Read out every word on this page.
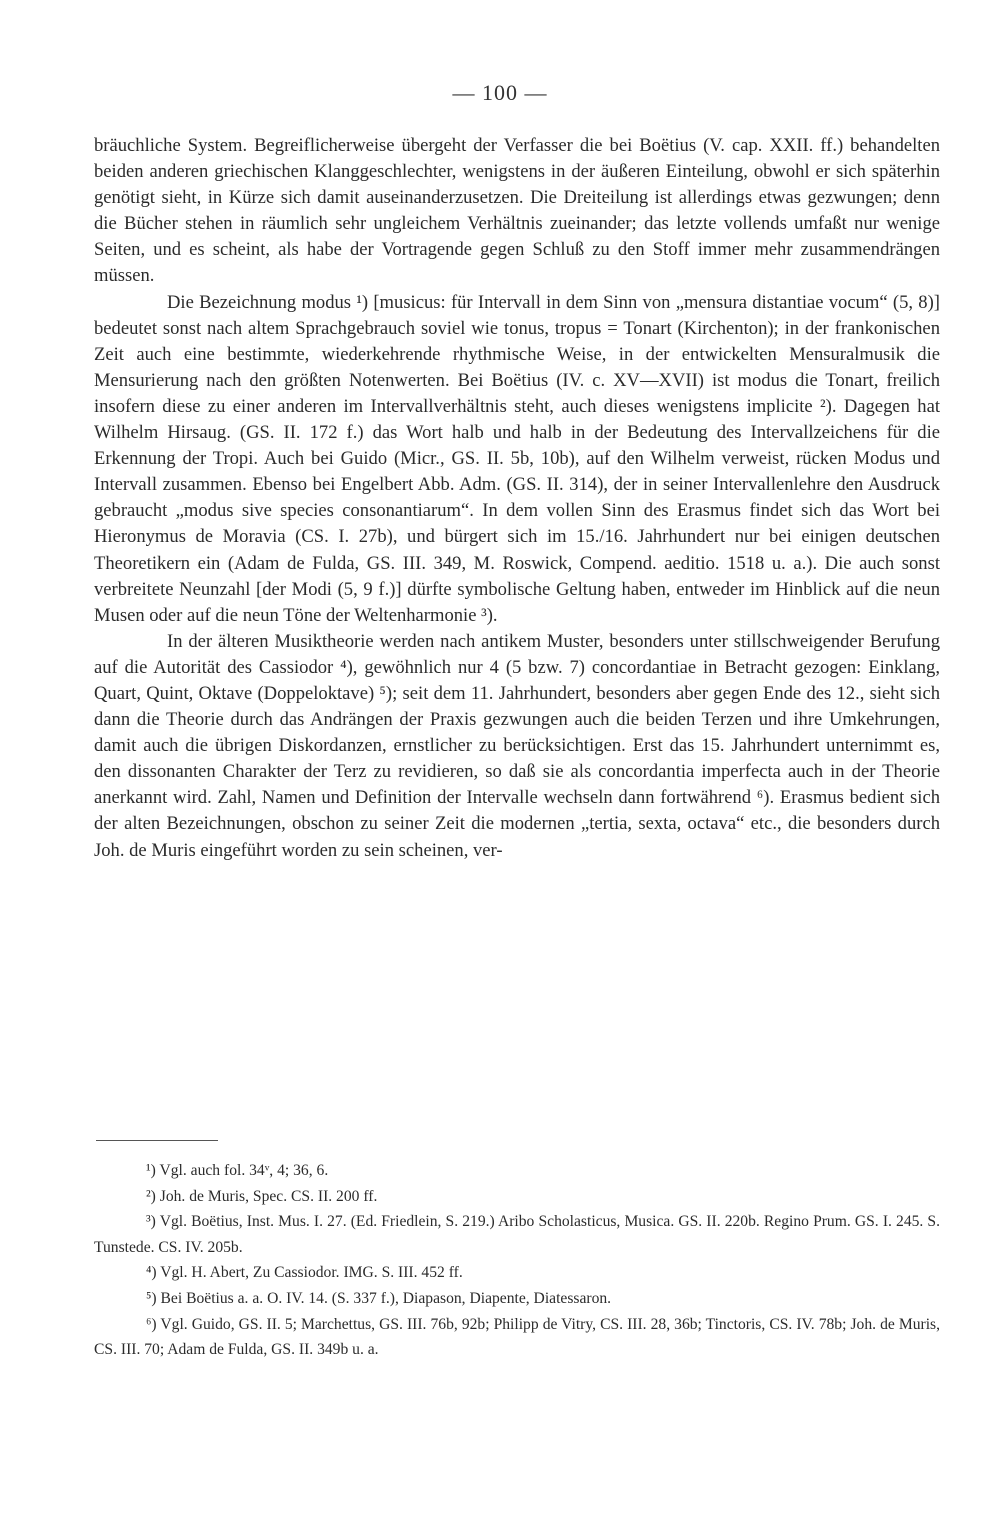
— 100 —

bräuchliche System. Begreiflicherweise übergeht der Verfasser die bei Boëtius (V. cap. XXII. ff.) behandelten beiden anderen griechischen Klanggeschlechter, wenigstens in der äußeren Einteilung, obwohl er sich späterhin genötigt sieht, in Kürze sich damit auseinanderzusetzen. Die Dreiteilung ist allerdings etwas gezwungen; denn die Bücher stehen in räumlich sehr ungleichem Verhältnis zueinander; das letzte vollends umfaßt nur wenige Seiten, und es scheint, als habe der Vortragende gegen Schluß zu den Stoff immer mehr zusammendrängen müssen.

Die Bezeichnung modus ¹) [musicus: für Intervall in dem Sinn von „mensura distantiae vocum“ (5, 8)] bedeutet sonst nach altem Sprachgebrauch soviel wie tonus, tropus = Tonart (Kirchenton); in der frankonischen Zeit auch eine bestimmte, wiederkehrende rhythmische Weise, in der entwickelten Mensuralmusik die Mensurierung nach den größten Notenwerten. Bei Boëtius (IV. c. XV—XVII) ist modus die Tonart, freilich insofern diese zu einer anderen im Intervallverhältnis steht, auch dieses wenigstens implicite ²). Dagegen hat Wilhelm Hirsaug. (GS. II. 172 f.) das Wort halb und halb in der Bedeutung des Intervallzeichens für die Erkennung der Tropi. Auch bei Guido (Micr., GS. II. 5b, 10b), auf den Wilhelm verweist, rücken Modus und Intervall zusammen. Ebenso bei Engelbert Abb. Adm. (GS. II. 314), der in seiner Intervallenlehre den Ausdruck gebraucht „modus sive species consonantiarum“. In dem vollen Sinn des Erasmus findet sich das Wort bei Hieronymus de Moravia (CS. I. 27b), und bürgert sich im 15./16. Jahrhundert nur bei einigen deutschen Theoretikern ein (Adam de Fulda, GS. III. 349, M. Roswick, Compend. aeditio. 1518 u. a.). Die auch sonst verbreitete Neunzahl [der Modi (5, 9 f.)] dürfte symbolische Geltung haben, entweder im Hinblick auf die neun Musen oder auf die neun Töne der Weltenharmonie ³).

In der älteren Musiktheorie werden nach antikem Muster, besonders unter stillschweigender Berufung auf die Autorität des Cassiodor ⁴), gewöhnlich nur 4 (5 bzw. 7) concordantiae in Betracht gezogen: Einklang, Quart, Quint, Oktave (Doppeloktave) ⁵); seit dem 11. Jahrhundert, besonders aber gegen Ende des 12., sieht sich dann die Theorie durch das Andrängen der Praxis gezwungen auch die beiden Terzen und ihre Umkehrungen, damit auch die übrigen Diskordanzen, ernstlicher zu berücksichtigen. Erst das 15. Jahrhundert unternimmt es, den dissonanten Charakter der Terz zu revidieren, so daß sie als concordantia imperfecta auch in der Theorie anerkannt wird. Zahl, Namen und Definition der Intervalle wechseln dann fortwährend ⁶). Erasmus bedient sich der alten Bezeichnungen, obschon zu seiner Zeit die modernen „tertia, sexta, octava“ etc., die besonders durch Joh. de Muris eingeführt worden zu sein scheinen, ver-

¹) Vgl. auch fol. 34ᵛ, 4; 36, 6.

²) Joh. de Muris, Spec. CS. II. 200 ff.

³) Vgl. Boëtius, Inst. Mus. I. 27. (Ed. Friedlein, S. 219.) Aribo Scholasticus, Musica. GS. II. 220b. Regino Prum. GS. I. 245. S. Tunstede. CS. IV. 205b.

⁴) Vgl. H. Abert, Zu Cassiodor. IMG. S. III. 452 ff.

⁵) Bei Boëtius a. a. O. IV. 14. (S. 337 f.), Diapason, Diapente, Diatessaron.

⁶) Vgl. Guido, GS. II. 5; Marchettus, GS. III. 76b, 92b; Philipp de Vitry, CS. III. 28, 36b; Tinctoris, CS. IV. 78b; Joh. de Muris, CS. III. 70; Adam de Fulda, GS. II. 349b u. a.
